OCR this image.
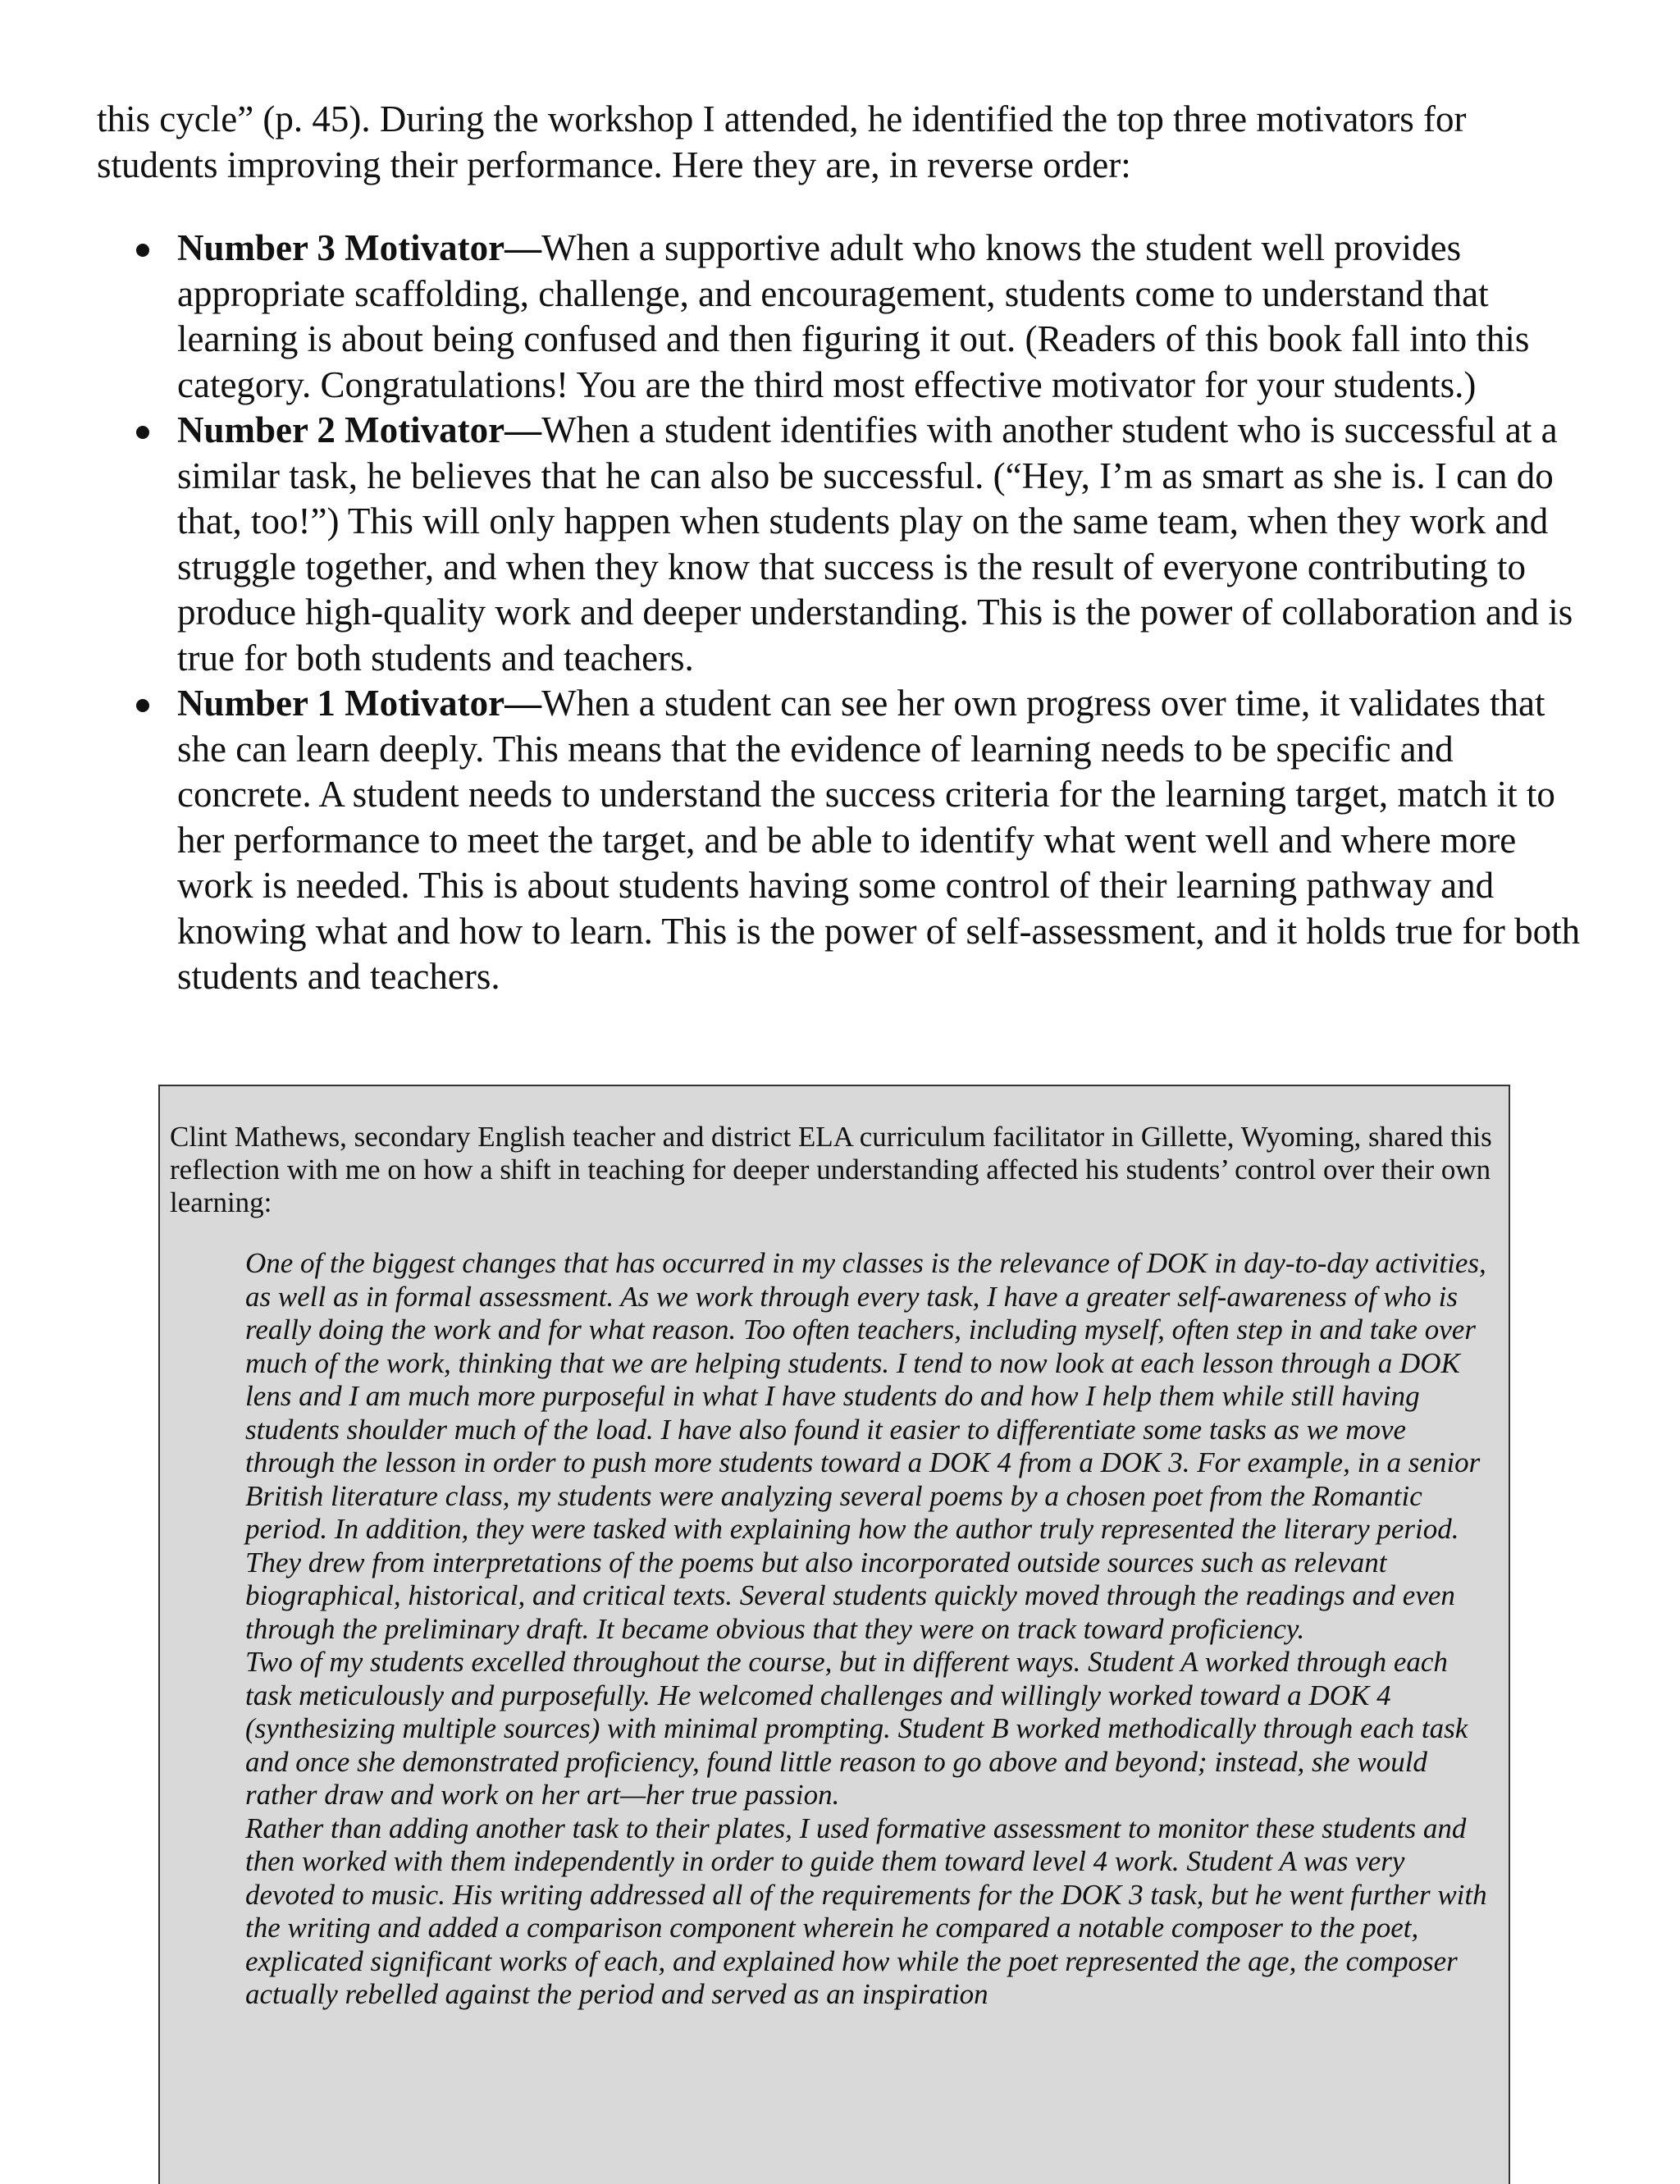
this cycle” (p. 45). During the workshop I attended, he identified the top three motivators for students improving their performance. Here they are, in reverse order:

Number 3 Motivator—When a supportive adult who knows the student well provides appropriate scaffolding, challenge, and encouragement, students come to understand that learning is about being confused and then figuring it out. (Readers of this book fall into this category. Congratulations! You are the third most effective motivator for your students.)
Number 2 Motivator—When a student identifies with another student who is successful at a similar task, he believes that he can also be successful. (“Hey, I’m as smart as she is. I can do that, too!”) This will only happen when students play on the same team, when they work and struggle together, and when they know that success is the result of everyone contributing to produce high-quality work and deeper understanding. This is the power of collaboration and is true for both students and teachers.
Number 1 Motivator—When a student can see her own progress over time, it validates that she can learn deeply. This means that the evidence of learning needs to be specific and concrete. A student needs to understand the success criteria for the learning target, match it to her performance to meet the target, and be able to identify what went well and where more work is needed. This is about students having some control of their learning pathway and knowing what and how to learn. This is the power of self-assessment, and it holds true for both students and teachers.

Clint Mathews, secondary English teacher and district ELA curriculum facilitator in Gillette, Wyoming, shared this reflection with me on how a shift in teaching for deeper understanding affected his students’ control over their own learning:

One of the biggest changes that has occurred in my classes is the relevance of DOK in day-to-day activities, as well as in formal assessment. As we work through every task, I have a greater self-awareness of who is really doing the work and for what reason. Too often teachers, including myself, often step in and take over much of the work, thinking that we are helping students. I tend to now look at each lesson through a DOK lens and I am much more purposeful in what I have students do and how I help them while still having students shoulder much of the load. I have also found it easier to differentiate some tasks as we move through the lesson in order to push more students toward a DOK 4 from a DOK 3. For example, in a senior British literature class, my students were analyzing several poems by a chosen poet from the Romantic period. In addition, they were tasked with explaining how the author truly represented the literary period. They drew from interpretations of the poems but also incorporated outside sources such as relevant biographical, historical, and critical texts. Several students quickly moved through the readings and even through the preliminary draft. It became obvious that they were on track toward proficiency.

Two of my students excelled throughout the course, but in different ways. Student A worked through each task meticulously and purposefully. He welcomed challenges and willingly worked toward a DOK 4 (synthesizing multiple sources) with minimal prompting. Student B worked methodically through each task and once she demonstrated proficiency, found little reason to go above and beyond; instead, she would rather draw and work on her art—her true passion.

Rather than adding another task to their plates, I used formative assessment to monitor these students and then worked with them independently in order to guide them toward level 4 work. Student A was very devoted to music. His writing addressed all of the requirements for the DOK 3 task, but he went further with the writing and added a comparison component wherein he compared a notable composer to the poet, explicated significant works of each, and explained how while the poet represented the age, the composer actually rebelled against the period and served as an inspiration
